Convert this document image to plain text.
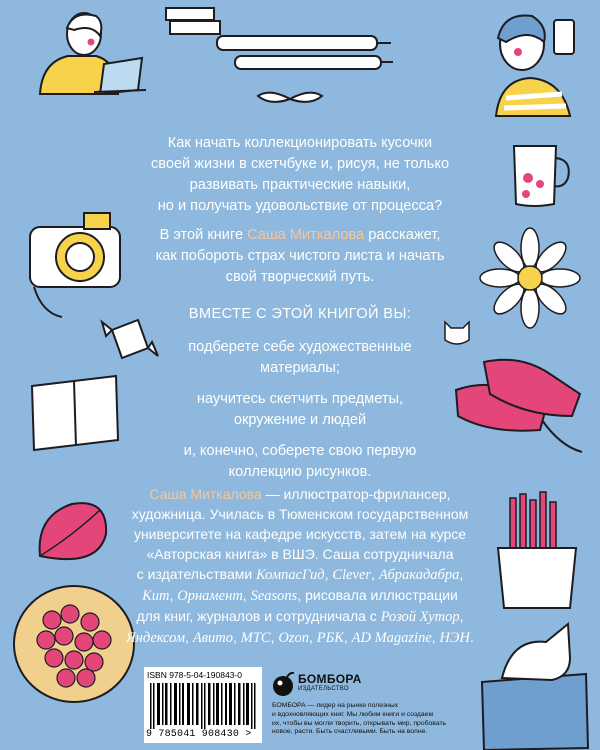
Как начать коллекционировать кусочки
своей жизни в скетчбуке и, рисуя, не только
развивать практические навыки,
но и получать удовольствие от процесса?
В этой книге Саша Миткалова расскажет,
как побороть страх чистого листа и начать
свой творческий путь.
ВМЕСТЕ С ЭТОЙ КНИГОЙ ВЫ:
подберете себе художественные
материалы;
научитесь скетчить предметы,
окружение и людей
и, конечно, соберете свою первую
коллекцию рисунков.
Саша Миткалова — иллюстратор-фрилансер,
художница. Училась в Тюменском государственном
университете на кафедре искусств, затем на курсе
«Авторская книга» в ВШЭ. Саша сотрудничала
с издательствами КомпасГид, Clever, Абракадабра,
Кит, Орнамент, Seasons, рисовала иллюстрации
для книг, журналов и сотрудничала с Розой Хутор,
Яндексом, Авито, МТС, Ozon, РБК, AD Magazine, НЭН.
ISBN 978-5-04-190843-0
9 785041 908430 >
БОМБОРА
ИЗДАТЕЛЬСТВО
БОМБОРА — лидер на рынке полезных
и вдохновляющих книг. Мы любим книги и создаем
их, чтобы вы могли творить, открывать мир, пробовать
новое, расти. Быть счастливыми. Быть на волне.
